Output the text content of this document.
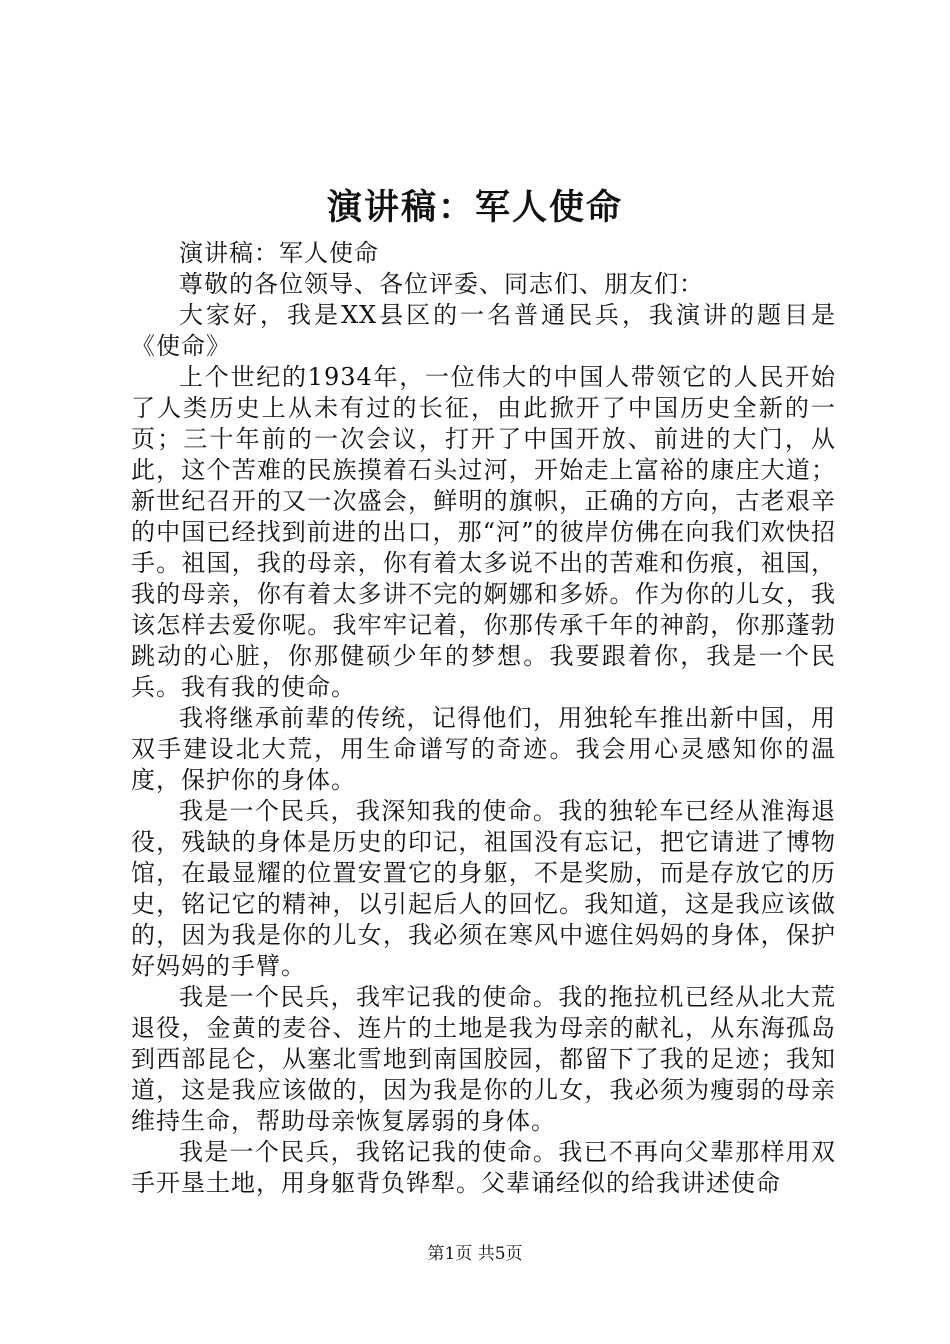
演讲稿：军人使命

演讲稿：军人使命

尊敬的各位领导、各位评委、同志们、朋友们：

大家好，我是XX县区的一名普通民兵，我演讲的题目是《使命》

上个世纪的1934年，一位伟大的中国人带领它的人民开始了人类历史上从未有过的长征，由此掀开了中国历史全新的一页；三十年前的一次会议，打开了中国开放、前进的大门，从此，这个苦难的民族摸着石头过河，开始走上富裕的康庄大道；新世纪召开的又一次盛会，鲜明的旗帜，正确的方向，古老艰辛的中国已经找到前进的出口，那“河”的彼岸仿佛在向我们欢快招手。祖国，我的母亲，你有着太多说不出的苦难和伤痕，祖国，我的母亲，你有着太多讲不完的婀娜和多娇。作为你的儿女，我该怎样去爱你呢。我牢牢记着，你那传承千年的神韵，你那蓬勃跳动的心脏，你那健硕少年的梦想。我要跟着你，我是一个民兵。我有我的使命。

我将继承前辈的传统，记得他们，用独轮车推出新中国，用双手建设北大荒，用生命谱写的奇迹。我会用心灵感知你的温度，保护你的身体。

我是一个民兵，我深知我的使命。我的独轮车已经从淮海退役，残缺的身体是历史的印记，祖国没有忘记，把它请进了博物馆，在最显耀的位置安置它的身躯，不是奖励，而是存放它的历史，铭记它的精神，以引起后人的回忆。我知道，这是我应该做的，因为我是你的儿女，我必须在寒风中遮住妈妈的身体，保护好妈妈的手臂。

我是一个民兵，我牢记我的使命。我的拖拉机已经从北大荒退役，金黄的麦谷、连片的土地是我为母亲的献礼，从东海孤岛到西部昆仑，从塞北雪地到南国胶园，都留下了我的足迹；我知道，这是我应该做的，因为我是你的儿女，我必须为瘦弱的母亲维持生命，帮助母亲恢复孱弱的身体。

我是一个民兵，我铭记我的使命。我已不再向父辈那样用双手开垦土地，用身躯背负铧犁。父辈诵经似的给我讲述使命

第1页 共5页
